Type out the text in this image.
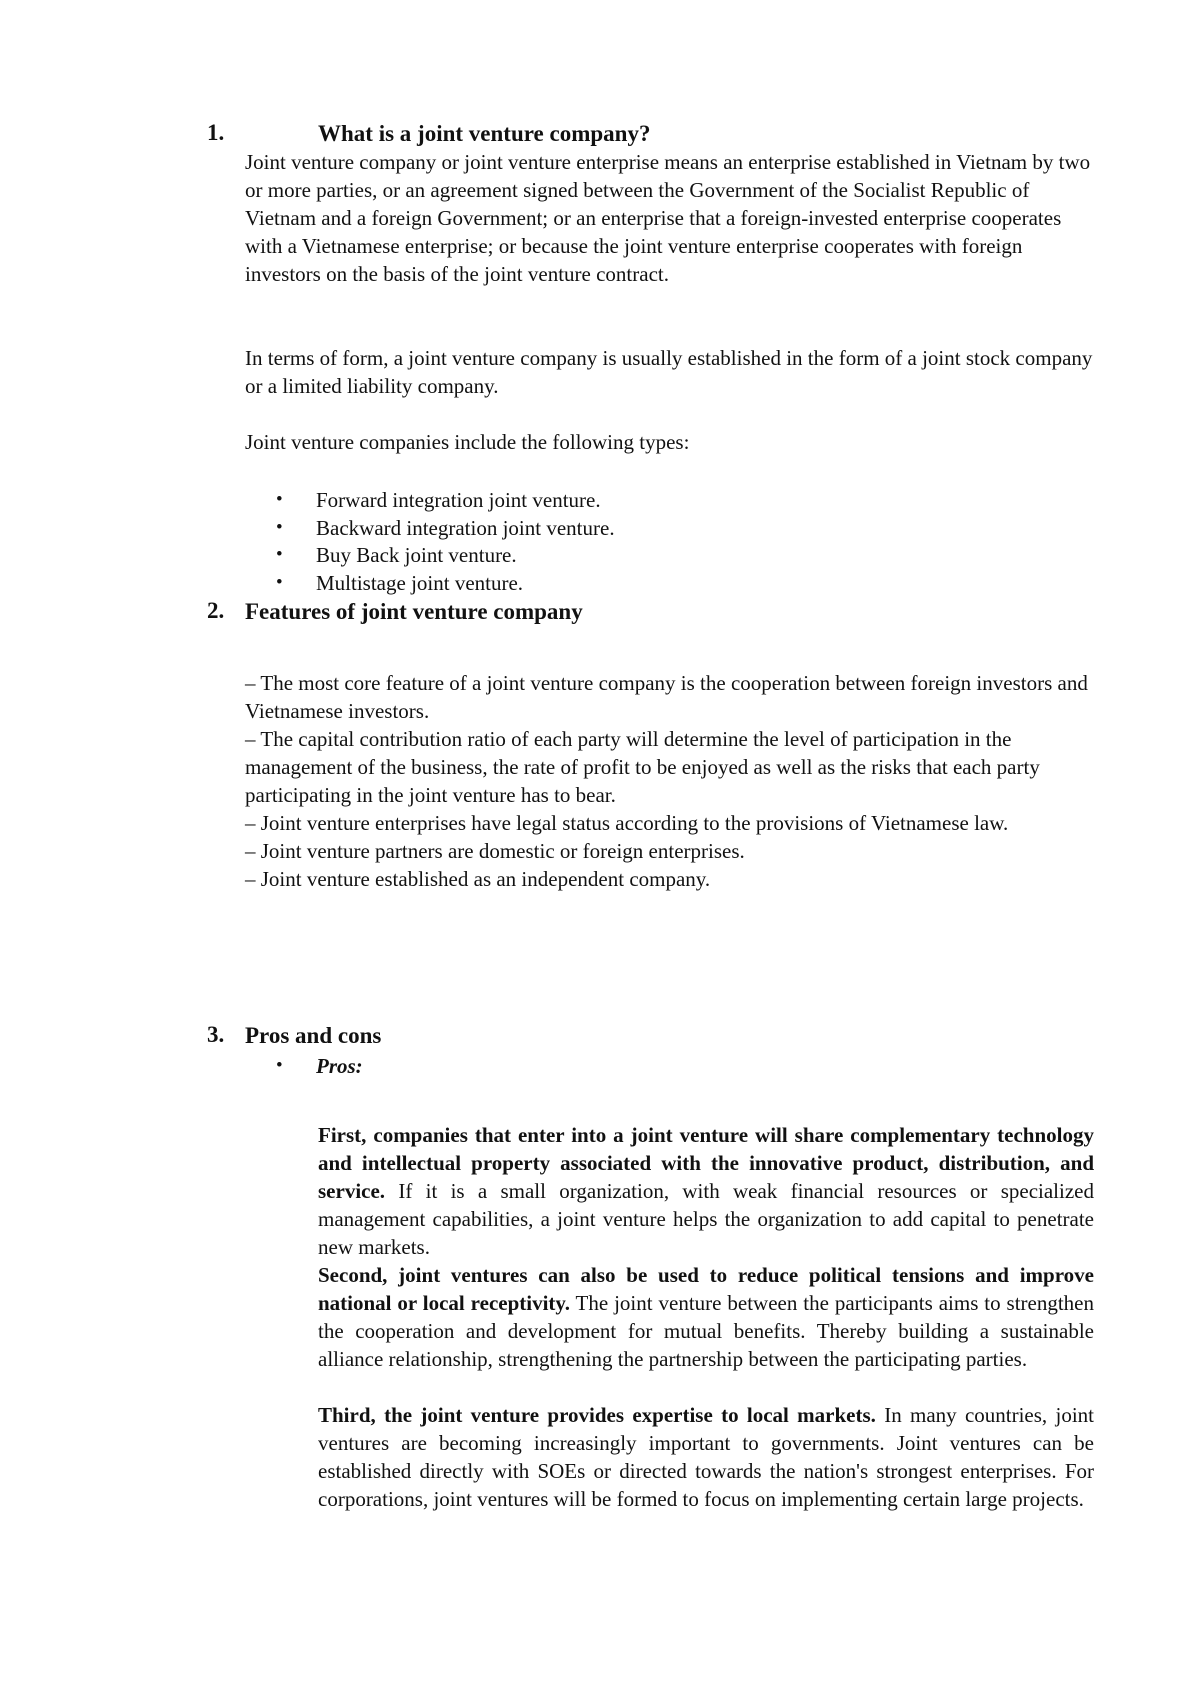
1.	What is a joint venture company?
Joint venture company or joint venture enterprise means an enterprise established in Vietnam by two or more parties, or an agreement signed between the Government of the Socialist Republic of Vietnam and a foreign Government; or an enterprise that a foreign-invested enterprise cooperates with a Vietnamese enterprise; or because the joint venture enterprise cooperates with foreign investors on the basis of the joint venture contract.
In terms of form, a joint venture company is usually established in the form of a joint stock company or a limited liability company.
Joint venture companies include the following types:
• Forward integration joint venture.
• Backward integration joint venture.
• Buy Back joint venture.
• Multistage joint venture.
2. Features of joint venture company
– The most core feature of a joint venture company is the cooperation between foreign investors and Vietnamese investors.
– The capital contribution ratio of each party will determine the level of participation in the management of the business, the rate of profit to be enjoyed as well as the risks that each party participating in the joint venture has to bear.
– Joint venture enterprises have legal status according to the provisions of Vietnamese law.
– Joint venture partners are domestic or foreign enterprises.
– Joint venture established as an independent company.
3. Pros and cons
• Pros:
First, companies that enter into a joint venture will share complementary technology and intellectual property associated with the innovative product, distribution, and service. If it is a small organization, with weak financial resources or specialized management capabilities, a joint venture helps the organization to add capital to penetrate new markets.
Second, joint ventures can also be used to reduce political tensions and improve national or local receptivity. The joint venture between the participants aims to strengthen the cooperation and development for mutual benefits. Thereby building a sustainable alliance relationship, strengthening the partnership between the participating parties.
Third, the joint venture provides expertise to local markets. In many countries, joint ventures are becoming increasingly important to governments. Joint ventures can be established directly with SOEs or directed towards the nation's strongest enterprises. For corporations, joint ventures will be formed to focus on implementing certain large projects.
